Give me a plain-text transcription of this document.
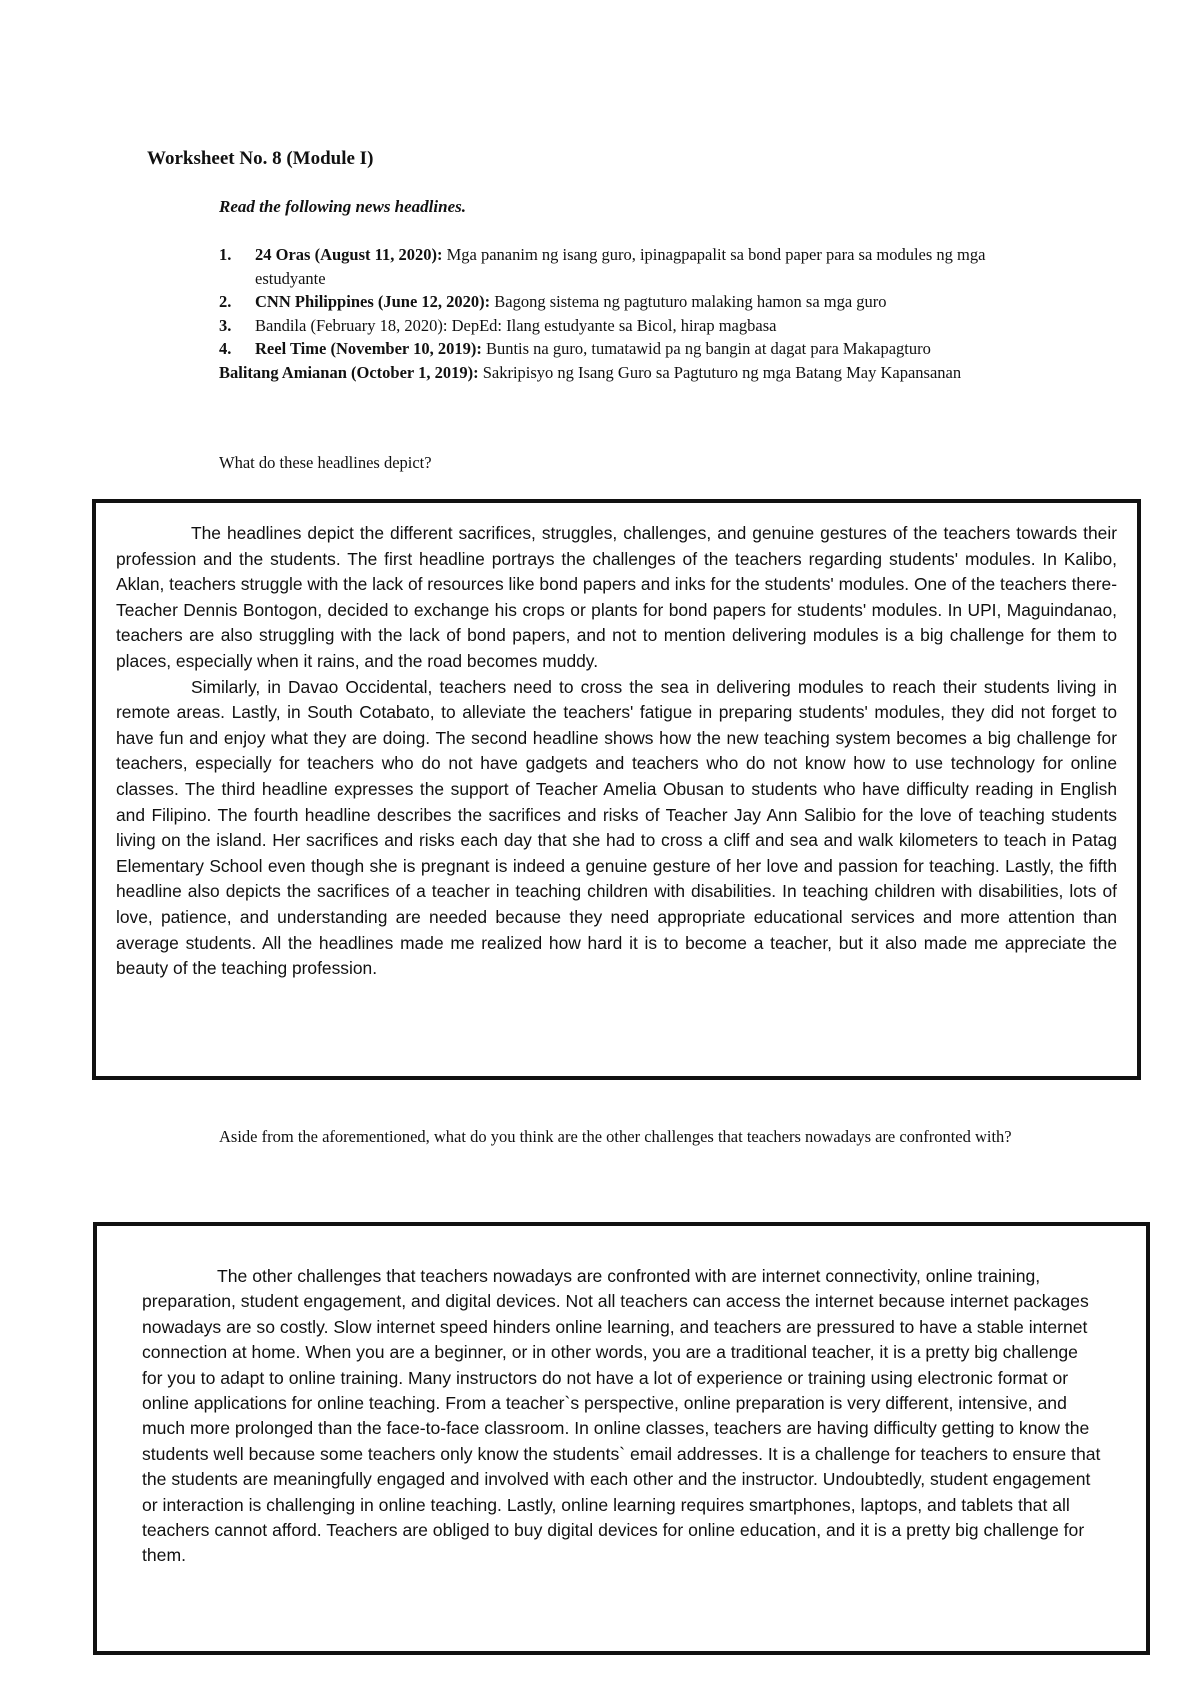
Worksheet No. 8 (Module I)

Read the following news headlines.

1. 24 Oras (August 11, 2020): Mga pananim ng isang guro, ipinagpapalit sa bond paper para sa modules ng mga estudyante
2. CNN Philippines (June 12, 2020): Bagong sistema ng pagtuturo malaking hamon sa mga guro
3. Bandila (February 18, 2020): DepEd: Ilang estudyante sa Bicol, hirap magbasa
4. Reel Time (November 10, 2019): Buntis na guro, tumatawid pa ng bangin at dagat para Makapagturo
Balitang Amianan (October 1, 2019): Sakripisyo ng Isang Guro sa Pagtuturo ng mga Batang May Kapansanan

What do these headlines depict?

The headlines depict the different sacrifices, struggles, challenges, and genuine gestures of the teachers towards their profession and the students. The first headline portrays the challenges of the teachers regarding students' modules. In Kalibo, Aklan, teachers struggle with the lack of resources like bond papers and inks for the students' modules. One of the teachers there- Teacher Dennis Bontogon, decided to exchange his crops or plants for bond papers for students' modules. In UPI, Maguindanao, teachers are also struggling with the lack of bond papers, and not to mention delivering modules is a big challenge for them to places, especially when it rains, and the road becomes muddy.

Similarly, in Davao Occidental, teachers need to cross the sea in delivering modules to reach their students living in remote areas. Lastly, in South Cotabato, to alleviate the teachers' fatigue in preparing students' modules, they did not forget to have fun and enjoy what they are doing. The second headline shows how the new teaching system becomes a big challenge for teachers, especially for teachers who do not have gadgets and teachers who do not know how to use technology for online classes. The third headline expresses the support of Teacher Amelia Obusan to students who have difficulty reading in English and Filipino. The fourth headline describes the sacrifices and risks of Teacher Jay Ann Salibio for the love of teaching students living on the island. Her sacrifices and risks each day that she had to cross a cliff and sea and walk kilometers to teach in Patag Elementary School even though she is pregnant is indeed a genuine gesture of her love and passion for teaching. Lastly, the fifth headline also depicts the sacrifices of a teacher in teaching children with disabilities. In teaching children with disabilities, lots of love, patience, and understanding are needed because they need appropriate educational services and more attention than average students. All the headlines made me realized how hard it is to become a teacher, but it also made me appreciate the beauty of the teaching profession.

Aside from the aforementioned, what do you think are the other challenges that teachers nowadays are confronted with?

The other challenges that teachers nowadays are confronted with are internet connectivity, online training, preparation, student engagement, and digital devices. Not all teachers can access the internet because internet packages nowadays are so costly. Slow internet speed hinders online learning, and teachers are pressured to have a stable internet connection at home. When you are a beginner, or in other words, you are a traditional teacher, it is a pretty big challenge for you to adapt to online training. Many instructors do not have a lot of experience or training using electronic format or online applications for online teaching. From a teacher`s perspective, online preparation is very different, intensive, and much more prolonged than the face-to-face classroom. In online classes, teachers are having difficulty getting to know the students well because some teachers only know the students` email addresses. It is a challenge for teachers to ensure that the students are meaningfully engaged and involved with each other and the instructor. Undoubtedly, student engagement or interaction is challenging in online teaching. Lastly, online learning requires smartphones, laptops, and tablets that all teachers cannot afford. Teachers are obliged to buy digital devices for online education, and it is a pretty big challenge for them.
